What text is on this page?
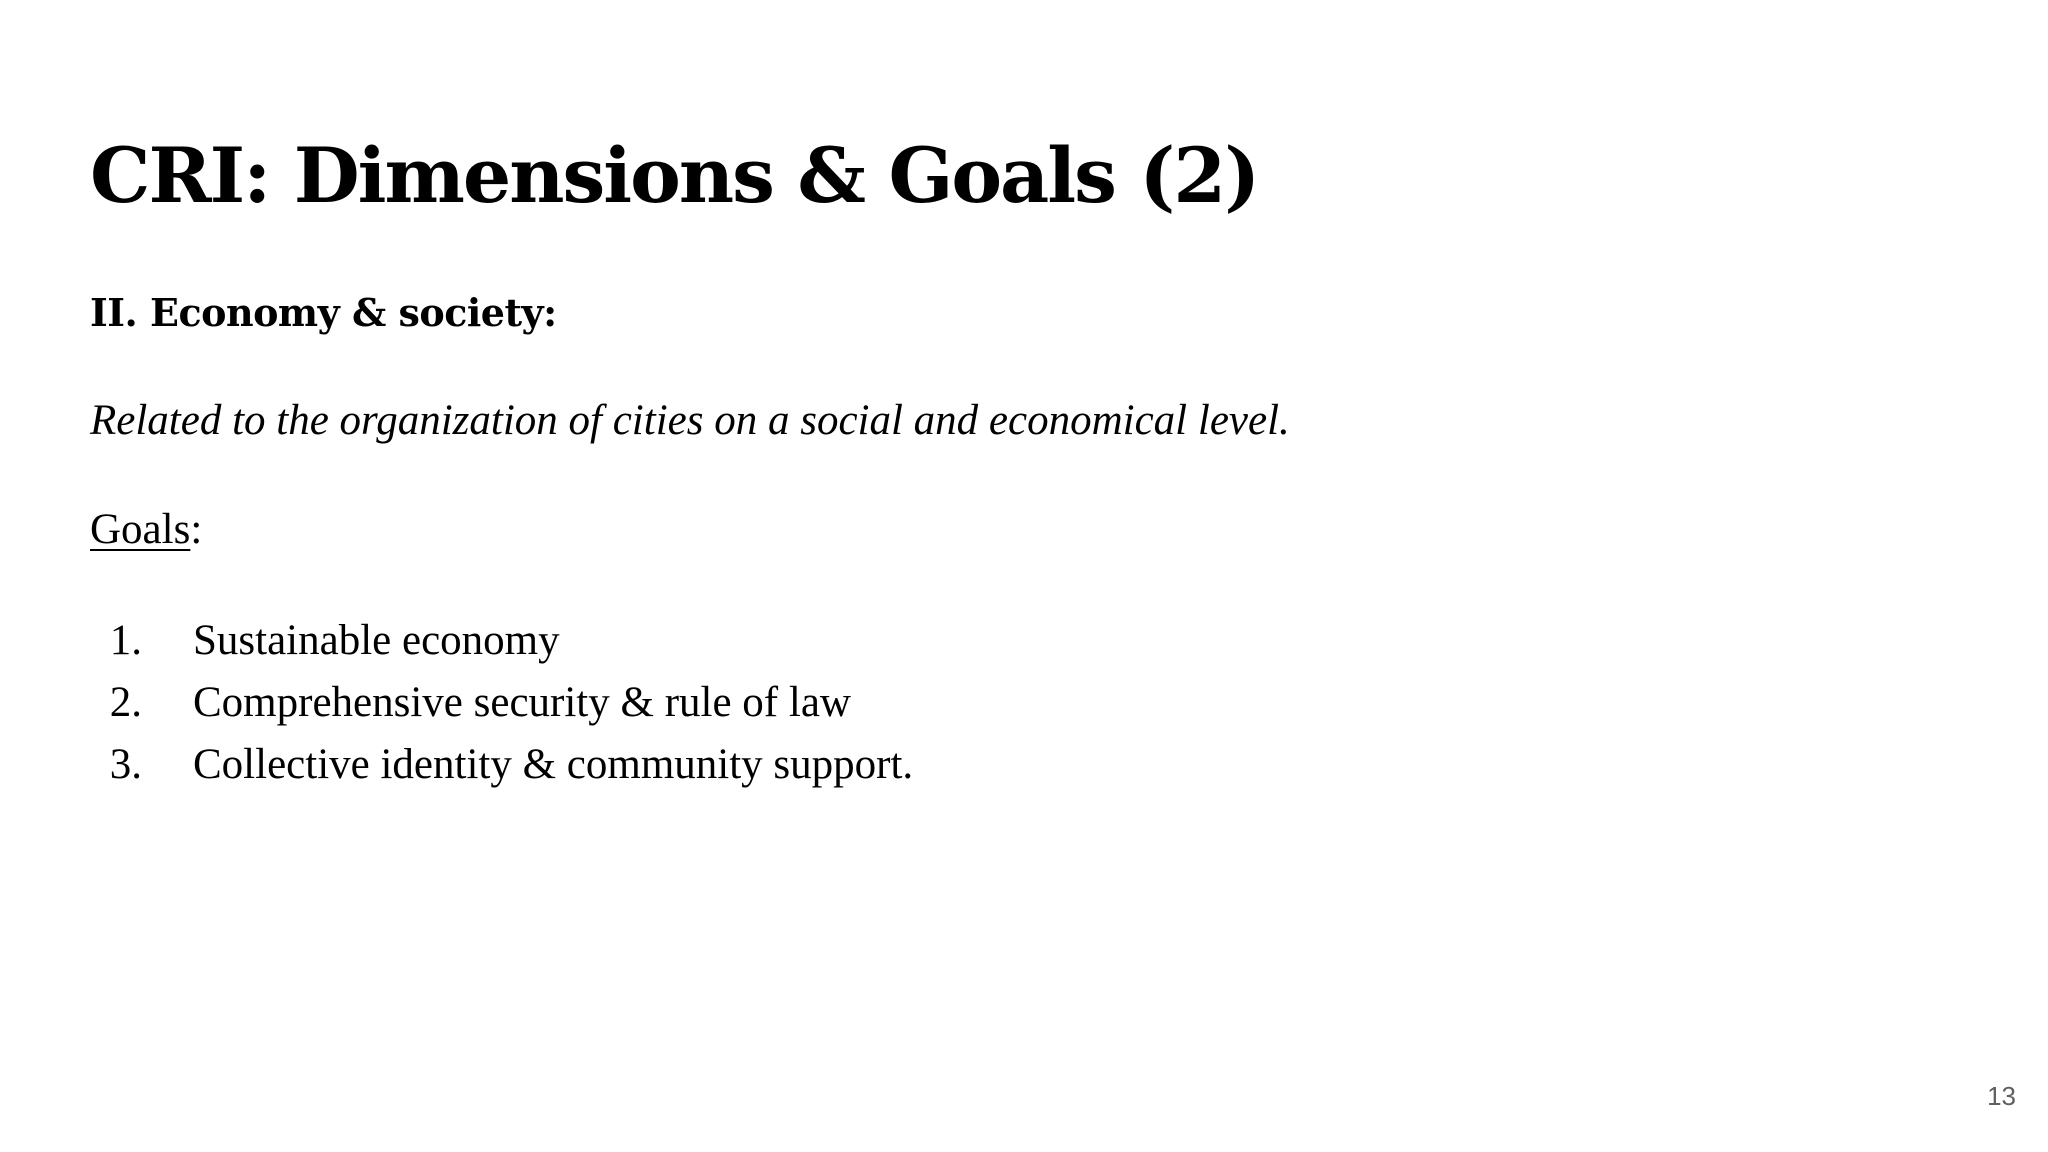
CRI: Dimensions & Goals (2)

II. Economy & society:

Related to the organization of cities on a social and economical level.

Goals:

1. Sustainable economy
2. Comprehensive security & rule of law
3. Collective identity & community support.

13
